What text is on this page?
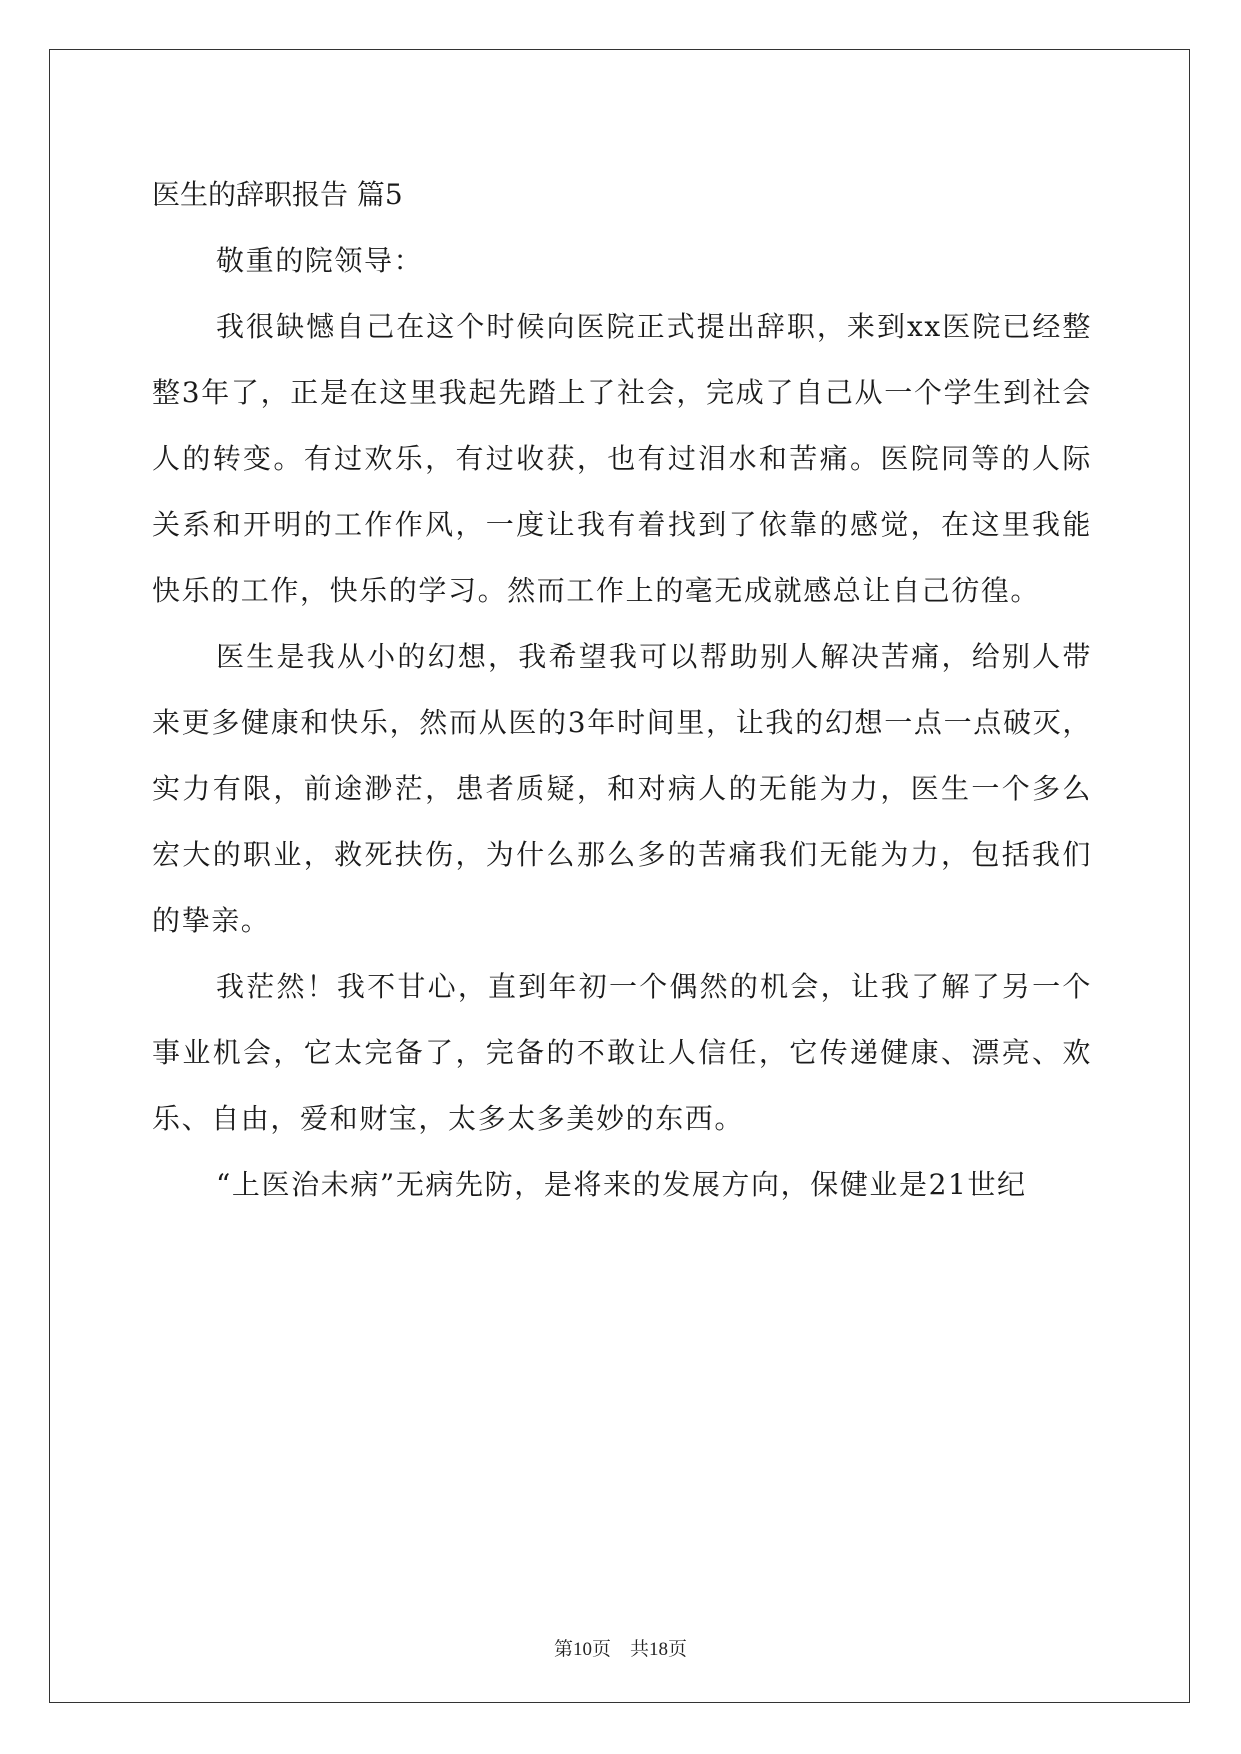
医生的辞职报告 篇5

敬重的院领导：

我很缺憾自己在这个时候向医院正式提出辞职，来到xx医院已经整整3年了，正是在这里我起先踏上了社会，完成了自己从一个学生到社会人的转变。有过欢乐，有过收获，也有过泪水和苦痛。医院同等的人际关系和开明的工作作风，一度让我有着找到了依靠的感觉，在这里我能快乐的工作，快乐的学习。然而工作上的毫无成就感总让自己彷徨。

医生是我从小的幻想，我希望我可以帮助别人解决苦痛，给别人带来更多健康和快乐，然而从医的3年时间里，让我的幻想一点一点破灭，实力有限，前途渺茫，患者质疑，和对病人的无能为力，医生一个多么宏大的职业，救死扶伤，为什么那么多的苦痛我们无能为力，包括我们的挚亲。

我茫然！我不甘心，直到年初一个偶然的机会，让我了解了另一个事业机会，它太完备了，完备的不敢让人信任，它传递健康、漂亮、欢乐、自由，爱和财宝，太多太多美妙的东西。

“上医治未病”无病先防，是将来的发展方向，保健业是21世纪

第10页　共18页
